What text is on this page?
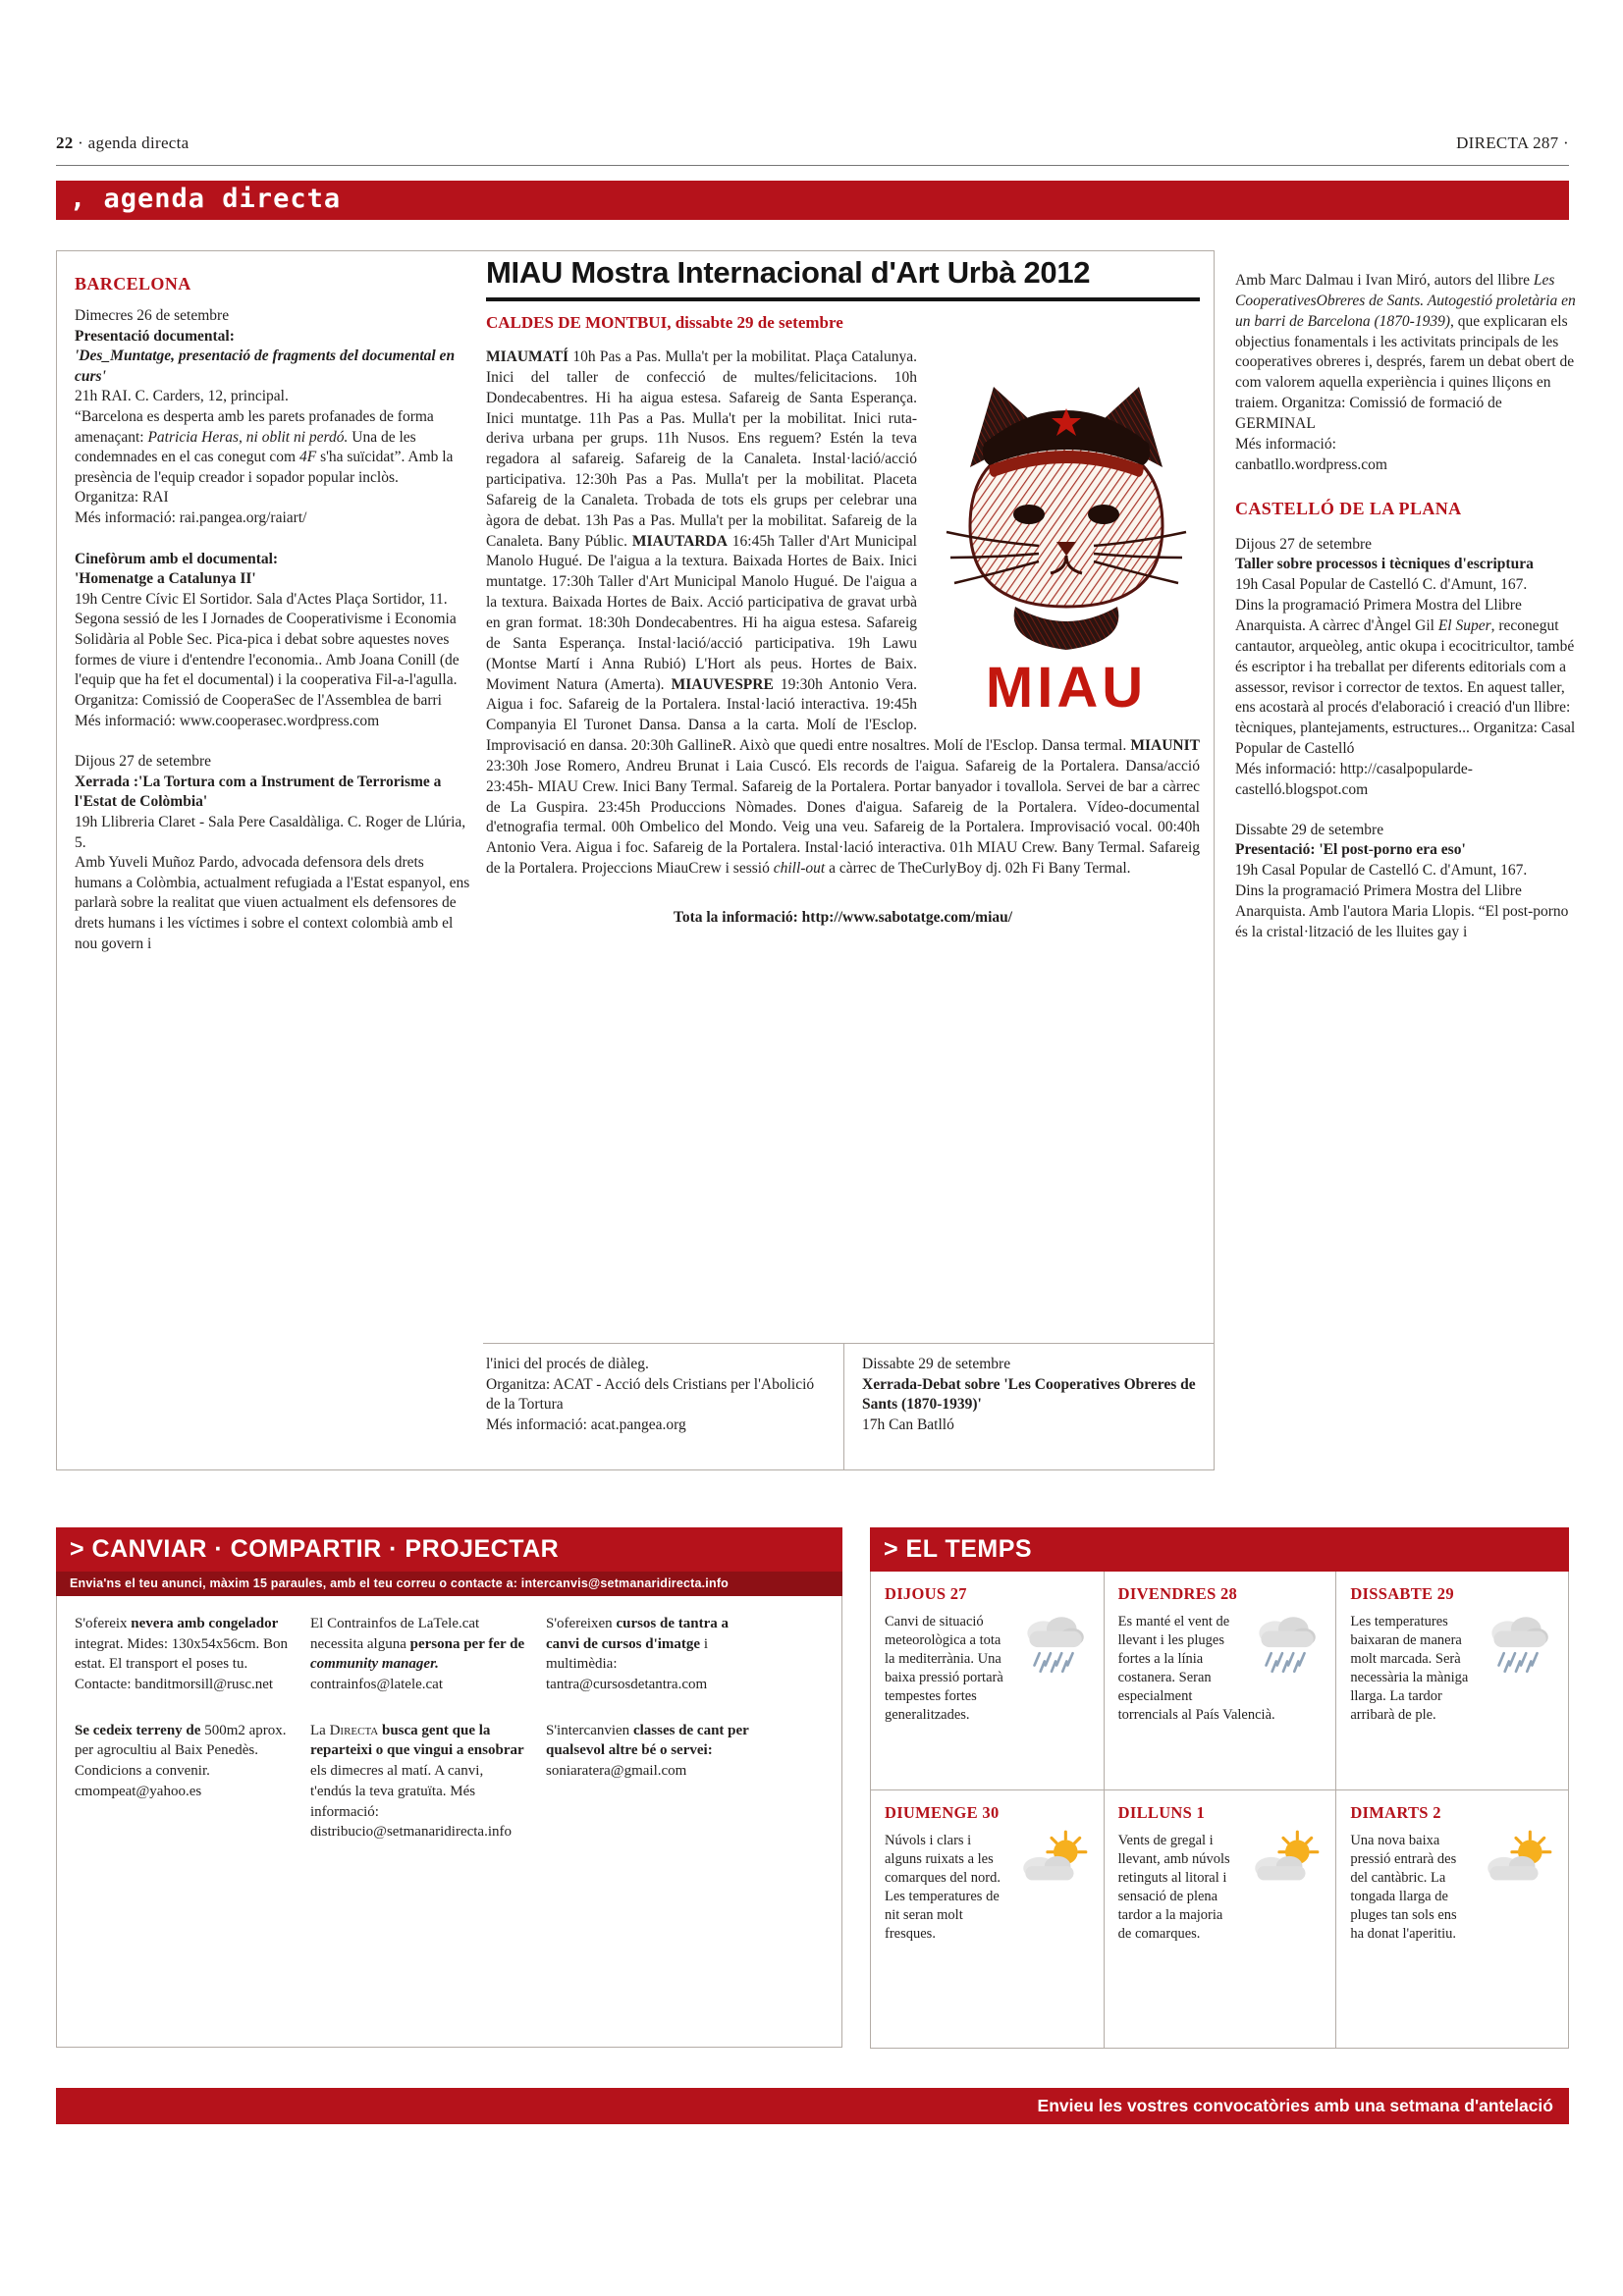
22 · agenda directa	DIRECTA 287 ·
, agenda directa
BARCELONA

Dimecres 26 de setembre

Presentació documental:

'Des_Muntatge, presentació de fragments del documental en curs'

21h RAI. C. Carders, 12, principal.

“Barcelona es desperta amb les parets profanades de forma amenaçant: Patricia Heras, ni oblit ni perdó. Una de les condemnades en el cas conegut com 4F s'ha suïcidat”. Amb la presència de l'equip creador i sopador popular inclòs.

Organitza: RAI

Més informació: rai.pangea.org/raiart/

Cinefòrum amb el documental:

'Homenatge a Catalunya II'

19h Centre Cívic El Sortidor. Sala d'Actes Plaça Sortidor, 11.

Segona sessió de les I Jornades de Cooperativisme i Economia Solidària al Poble Sec. Pica-pica i debat sobre aquestes noves formes de viure i d'entendre l'economia.. Amb Joana Conill (de l'equip que ha fet el documental) i la cooperativa Fil-a-l'agulla. Organitza: Comissió de CooperaSec de l'Assemblea de barri

Més informació: www.cooperasec.wordpress.com

Dijous 27 de setembre

Xerrada :'La Tortura com a Instrument de Terrorisme a l'Estat de Colòmbia'

19h Llibreria Claret - Sala Pere Casaldàliga. C. Roger de Llúria, 5.

Amb Yuveli Muñoz Pardo, advocada defensora dels drets humans a Colòmbia, actualment refugiada a l'Estat espanyol, ens parlarà sobre la realitat que viuen actualment els defensores de drets humans i les víctimes i sobre el context colombià amb el nou govern i

MIAU Mostra Internacional d'Art Urbà 2012
CALDES DE MONTBUI, dissabte 29 de setembre
MIAU

MIAUMATÍ 10h Pas a Pas. Mulla't per la mobilitat. Plaça Catalunya. Inici del taller de confecció de multes/felicitacions. 10h Dondecabentres. Hi ha aigua estesa. Safareig de Santa Esperança. Inici muntatge. 11h Pas a Pas. Mulla't per la mobilitat. Inici ruta-deriva urbana per grups. 11h Nusos. Ens reguem? Estén la teva regadora al safareig. Safareig de la Canaleta. Instal·lació/acció participativa. 12:30h Pas a Pas. Mulla't per la mobilitat. Placeta Safareig de la Canaleta. Trobada de tots els grups per celebrar una àgora de debat. 13h Pas a Pas. Mulla't per la mobilitat. Safareig de la Canaleta. Bany Públic. MIAUTARDA 16:45h Taller d'Art Municipal Manolo Hugué. De l'aigua a la textura. Baixada Hortes de Baix. Inici muntatge. 17:30h Taller d'Art Municipal Manolo Hugué. De l'aigua a la textura. Baixada Hortes de Baix. Acció participativa de gravat urbà en gran format. 18:30h Dondecabentres. Hi ha aigua estesa. Safareig de Santa Esperança. Instal·lació/acció participativa. 19h Lawu (Montse Martí i Anna Rubió) L'Hort als peus. Hortes de Baix. Moviment Natura (Amerta). MIAUVESPRE 19:30h Antonio Vera. Aigua i foc. Safareig de la Portalera. Instal·lació interactiva. 19:45h Companyia El Turonet Dansa. Dansa a la carta. Molí de l'Esclop. Improvisació en dansa. 20:30h GallineR. Això que quedi entre nosaltres. Molí de l'Esclop. Dansa termal. MIAUNIT 23:30h Jose Romero, Andreu Brunat i Laia Cuscó. Els records de l'aigua. Safareig de la Portalera. Dansa/acció 23:45h- MIAU Crew. Inici Bany Termal. Safareig de la Portalera. Portar banyador i tovallola. Servei de bar a càrrec de La Guspira. 23:45h Produccions Nòmades. Dones d'aigua. Safareig de la Portalera. Vídeo-documental d'etnografia termal. 00h Ombelico del Mondo. Veig una veu. Safareig de la Portalera. Improvisació vocal. 00:40h Antonio Vera. Aigua i foc. Safareig de la Portalera. Instal·lació interactiva. 01h MIAU Crew. Bany Termal. Safareig de la Portalera. Projeccions MiauCrew i sessió chill-out a càrrec de TheCurlyBoy dj. 02h Fi Bany Termal.

Tota la informació: http://www.sabotatge.com/miau/

l'inici del procés de diàleg.

Organitza: ACAT - Acció dels Cristians per l'Abolició de la Tortura

Més informació: acat.pangea.org

Dissabte 29 de setembre

Xerrada-Debat sobre 'Les Cooperatives Obreres de Sants (1870-1939)'

17h Can Batlló

Amb Marc Dalmau i Ivan Miró, autors del llibre Les CooperativesObreres de Sants. Autogestió proletària en un barri de Barcelona (1870-1939), que explicaran els objectius fonamentals i les activitats principals de les cooperatives obreres i, després, farem un debat obert de com valorem aquella experiència i quines lliçons en traiem. Organitza: Comissió de formació de GERMINAL

Més informació:

canbatllo.wordpress.com

CASTELLÓ DE LA PLANA

Dijous 27 de setembre

Taller sobre processos i tècniques d'escriptura

19h Casal Popular de Castelló C. d'Amunt, 167.

Dins la programació Primera Mostra del Llibre Anarquista. A càrrec d'Àngel Gil El Super, reconegut cantautor, arqueòleg, antic okupa i ecocitricultor, també és escriptor i ha treballat per diferents editorials com a assessor, revisor i corrector de textos. En aquest taller, ens acostarà al procés d'elaboració i creació d'un llibre: tècniques, plantejaments, estructures... Organitza: Casal Popular de Castelló

Més informació: http://casalpopularde-castelló.blogspot.com

Dissabte 29 de setembre

Presentació: 'El post-porno era eso'

19h Casal Popular de Castelló C. d'Amunt, 167.

Dins la programació Primera Mostra del Llibre Anarquista. Amb l'autora Maria Llopis. “El post-porno és la cristal·lització de les lluites gay i

> CANVIAR · COMPARTIR · PROJECTAR
Envia'ns el teu anunci, màxim 15 paraules, amb el teu correu o contacte a: intercanvis@setmanaridirecta.info

S'ofereix nevera amb congelador integrat. Mides: 130x54x56cm. Bon estat. El transport el poses tu. Contacte: banditmorsill@rusc.net

Se cedeix terreny de 500m2 aprox. per agrocultiu al Baix Penedès. Condicions a convenir. cmompeat@yahoo.es

El Contrainfos de LaTele.cat necessita alguna persona per fer de community manager. contrainfos@latele.cat

La Directa busca gent que la reparteixi o que vingui a ensobrar els dimecres al matí. A canvi, t'endús la teva gratuïta. Més informació: distribucio@setmanaridirecta.info

S'ofereixen cursos de tantra a canvi de cursos d'imatge i multimèdia: tantra@cursosdetantra.com

S'intercanvien classes de cant per qualsevol altre bé o servei: soniaratera@gmail.com

> EL TEMPS
DIJOUS 27
Canvi de situació meteorològica a tota la mediterrània. Una baixa pressió portarà tempestes fortes generalitzades.
DIVENDRES 28
Es manté el vent de llevant i les pluges fortes a la línia costanera. Seran especialment torrencials al País Valencià.
DISSABTE 29
Les temperatures baixaran de manera molt marcada. Serà necessària la màniga llarga. La tardor arribarà de ple.
DIUMENGE 30
Núvols i clars i alguns ruixats a les comarques del nord. Les temperatures de nit seran molt fresques.
DILLUNS 1
Vents de gregal i llevant, amb núvols retinguts al litoral i sensació de plena tardor a la majoria de comarques.
DIMARTS 2
Una nova baixa pressió entrarà des del cantàbric. La tongada llarga de pluges tan sols ens ha donat l'aperitiu.
Envieu les vostres convocatòries amb una setmana d'antelació
